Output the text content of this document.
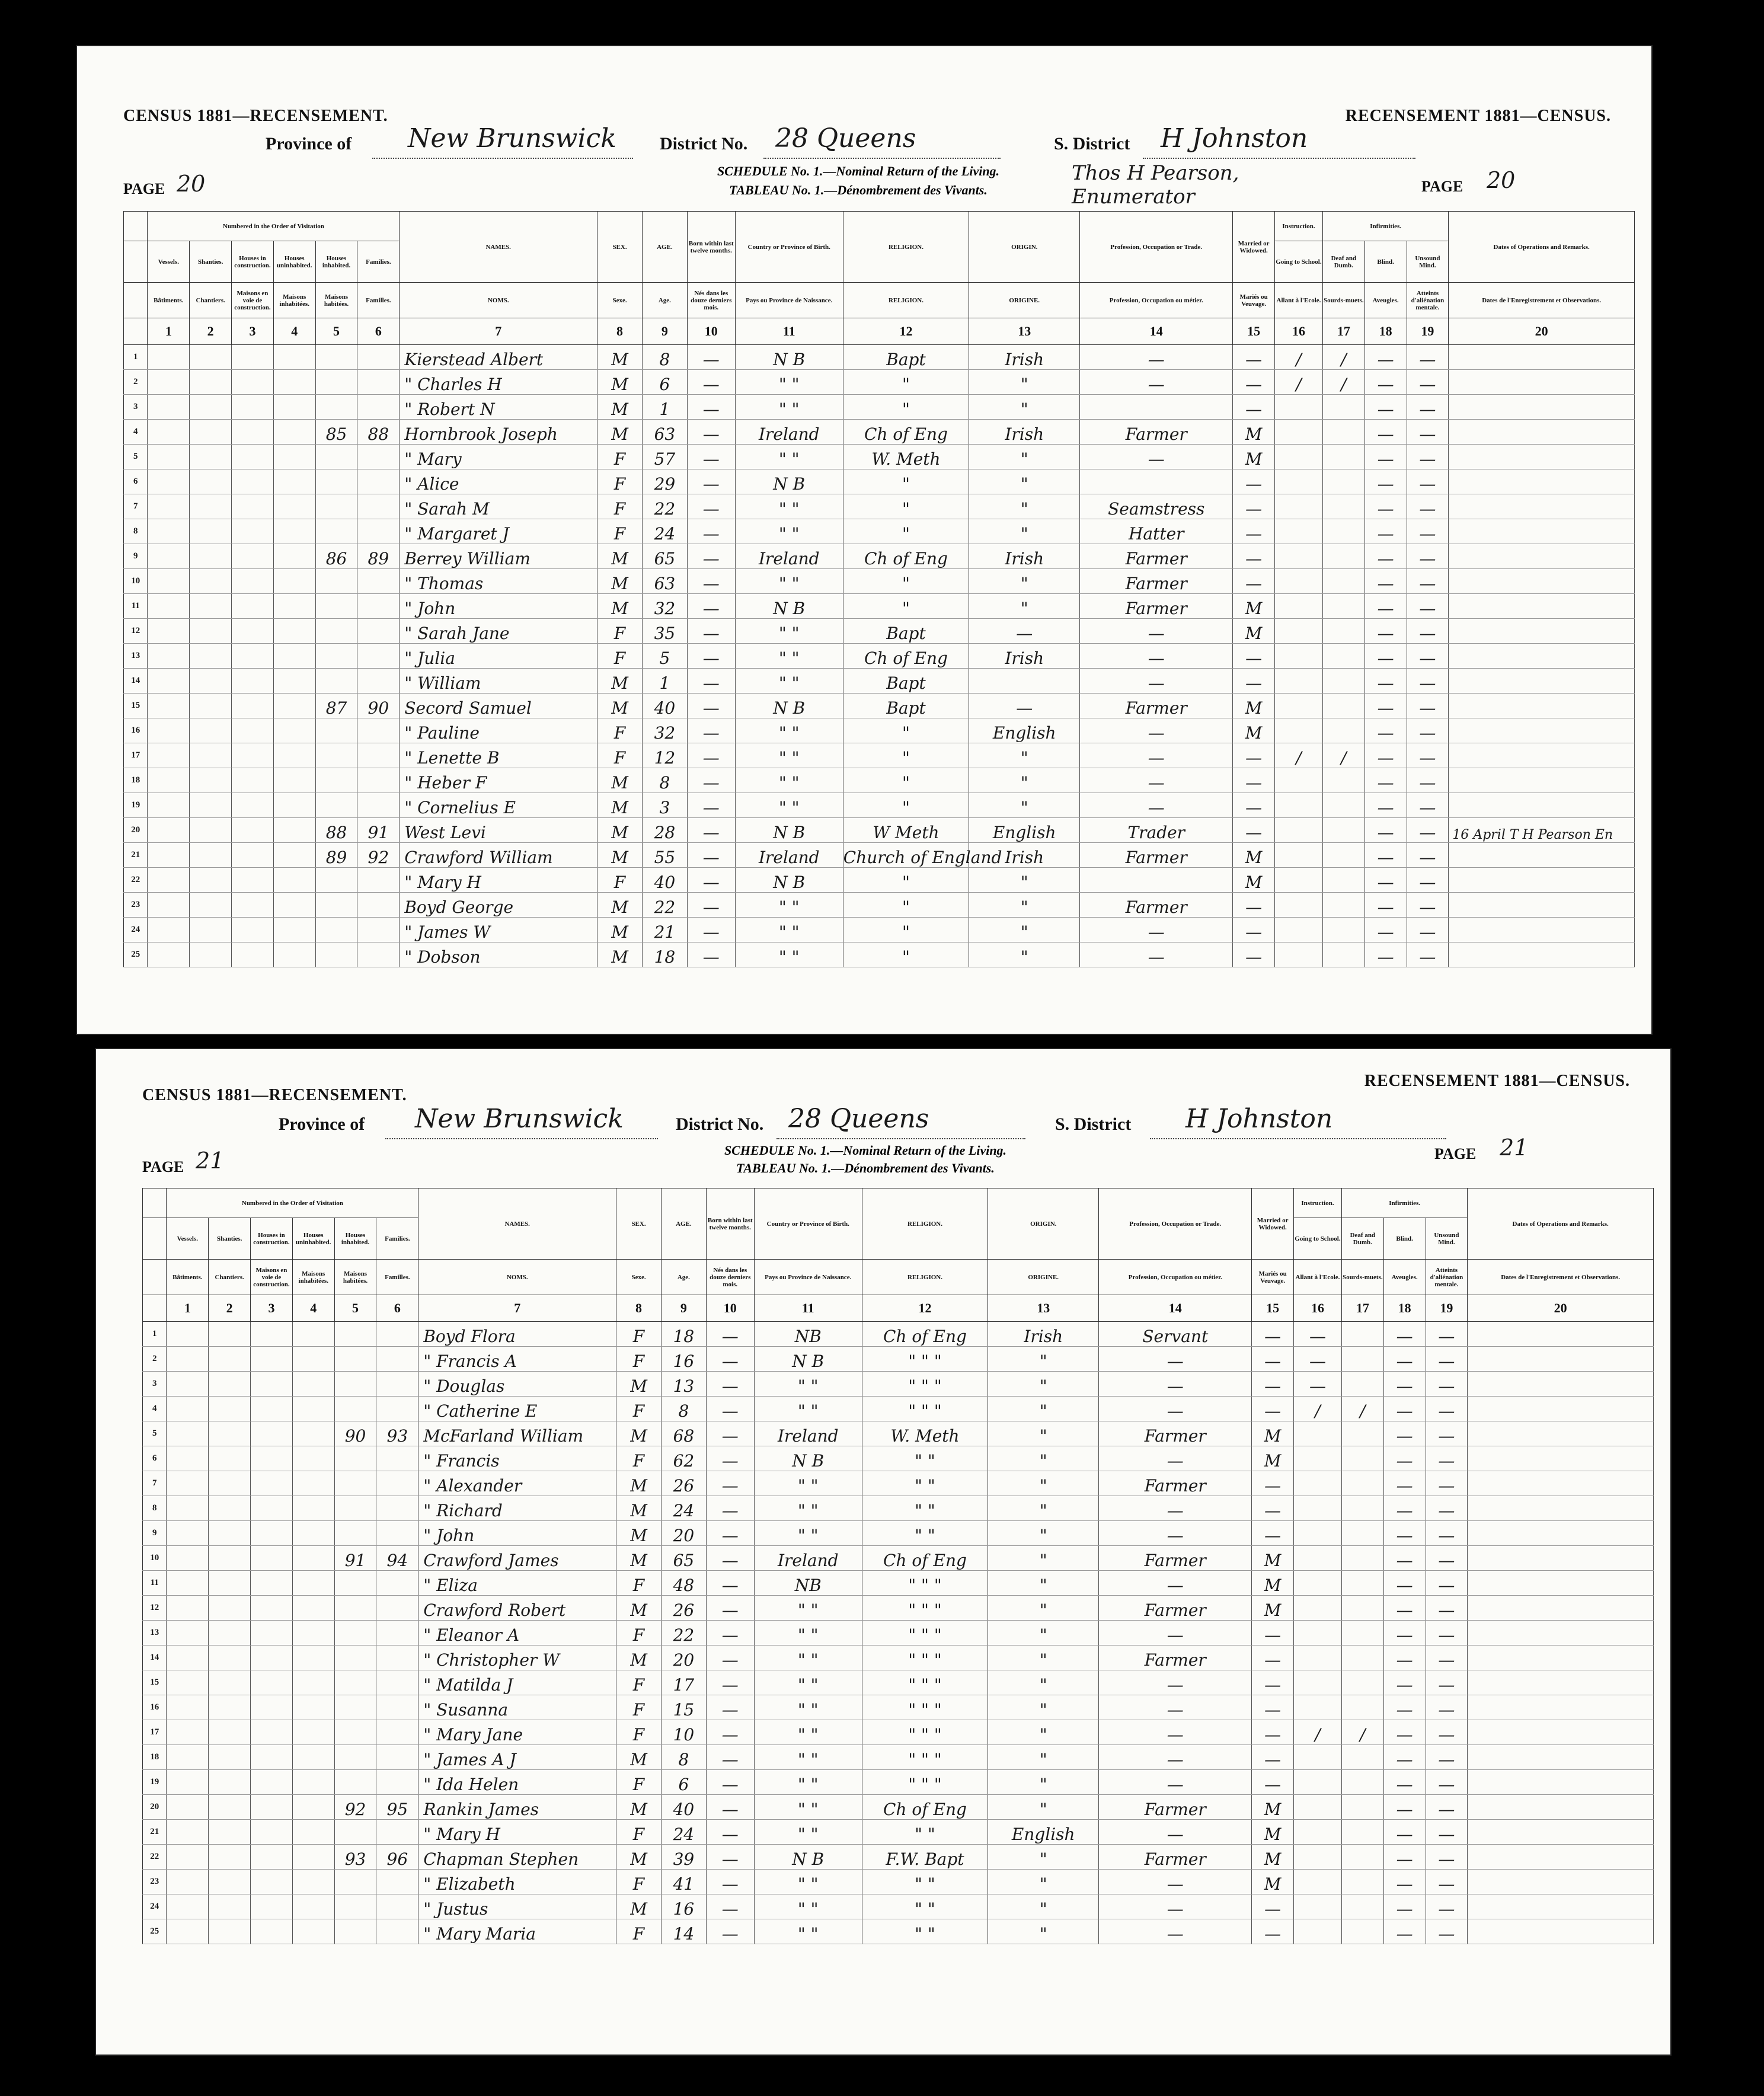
CENSUS 1881—RECENSEMENT.	RECENSEMENT 1881—CENSUS.
Province of New Brunswick District No. 28 Queens	S. District H Johnston
SCHEDULE No. 1.—Nominal Return of the Living.
TABLEAU No. 1.—Dénombrement des Vivants.
Thos H Pearson, Enumerator
PAGE 20	PAGE 20
	Numbered in the Order of Visitation						NAMES.	SEX.	AGE.	Born within last twelve months.	Country or Province of Birth.	RELIGION.	ORIGIN.	Profession, Occupation or Trade.	Married or Widowed.	Instruction.	Infirmities.			Dates of Operations and Remarks.
	Vessels.	Shanties.	Houses in construction.	Houses uninhabited.	Houses inhabited.	Families.										Going to School.	Deaf and Dumb.	Blind.	Unsound Mind.	
	Bâtiments.	Chantiers.	Maisons en voie de construction.	Maisons inhabitées.	Maisons habitées.	Familles.	NOMS.	Sexe.	Age.	Nés dans les douze derniers mois.	Pays ou Province de Naissance.	RELIGION.	ORIGINE.	Profession, Occupation ou métier.	Mariés ou Veuvage.	Allant à l'Ecole.	Sourds-muets.	Aveugles.	Atteints d'aliénation mentale.	Dates de l'Enregistrement et Observations.
	1	2	3	4	5	6	7	8	9	10	11	12	13	14	15	16	17	18	19	20
1							Kierstead Albert	M	8	—	N B	Bapt	Irish	—	—	/	/	—	—	
2							" Charles H	M	6	—	" "	"	"	—	—	/	/	—	—	
3							" Robert N	M	1	—	" "	"	"		—			—	—	
4					85	88	Hornbrook Joseph	M	63	—	Ireland	Ch of Eng	Irish	Farmer	M			—	—	
5							" Mary	F	57	—	" "	W. Meth	"	—	M			—	—	
6							" Alice	F	29	—	N B	"	"		—			—	—	
7							" Sarah M	F	22	—	" "	"	"	Seamstress	—			—	—	
8							" Margaret J	F	24	—	" "	"	"	Hatter	—			—	—	
9					86	89	Berrey William	M	65	—	Ireland	Ch of Eng	Irish	Farmer	—			—	—	
10							" Thomas	M	63	—	" "	"	"	Farmer	—			—	—	
11							" John	M	32	—	N B	"	"	Farmer	M			—	—	
12							" Sarah Jane	F	35	—	" "	Bapt	—	—	M			—	—	
13							" Julia	F	5	—	" "	Ch of Eng	Irish	—	—			—	—	
14							" William	M	1	—	" "	Bapt		—	—			—	—	
15					87	90	Secord Samuel	M	40	—	N B	Bapt	—	Farmer	M			—	—	
16							" Pauline	F	32	—	" "	"	English	—	M			—	—	
17							" Lenette B	F	12	—	" "	"	"	—	—	/	/	—	—	
18							" Heber F	M	8	—	" "	"	"	—	—			—	—	
19							" Cornelius E	M	3	—	" "	"	"	—	—			—	—	
20					88	91	West Levi	M	28	—	N B	W Meth	English	Trader	—			—	—	16 April T H Pearson En
21					89	92	Crawford William	M	55	—	Ireland	Church of England	Irish	Farmer	M			—	—	
22							" Mary H	F	40	—	N B	"	"		M			—	—	
23							Boyd George	M	22	—	" "	"	"	Farmer	—			—	—	
24							" James W	M	21	—	" "	"	"	—	—			—	—	
25							" Dobson	M	18	—	" "	"	"	—	—			—	—	
CENSUS 1881—RECENSEMENT.
RECENSEMENT 1881—CENSUS.
Province of New Brunswick	District No. 28 Queens	S. District H Johnston
SCHEDULE No. 1.—Nominal Return of the Living.
TABLEAU No. 1.—Dénombrement des Vivants.
PAGE 21	PAGE 21
	Numbered in the Order of Visitation						NAMES.	SEX.	AGE.	Born within last twelve months.	Country or Province of Birth.	RELIGION.	ORIGIN.	Profession, Occupation or Trade.	Married or Widowed.	Instruction.	Infirmities.			Dates of Operations and Remarks.
	Vessels.	Shanties.	Houses in construction.	Houses uninhabited.	Houses inhabited.	Families.										Going to School.	Deaf and Dumb.	Blind.	Unsound Mind.	
	Bâtiments.	Chantiers.	Maisons en voie de construction.	Maisons inhabitées.	Maisons habitées.	Familles.	NOMS.	Sexe.	Age.	Nés dans les douze derniers mois.	Pays ou Province de Naissance.	RELIGION.	ORIGINE.	Profession, Occupation ou métier.	Mariés ou Veuvage.	Allant à l'Ecole.	Sourds-muets.	Aveugles.	Atteints d'aliénation mentale.	Dates de l'Enregistrement et Observations.
	1	2	3	4	5	6	7	8	9	10	11	12	13	14	15	16	17	18	19	20
1							Boyd Flora	F	18	—	NB	Ch of Eng	Irish	Servant	—	—		—	—	
2							" Francis A	F	16	—	N B	" " "	"	—	—	—		—	—	
3							" Douglas	M	13	—	" "	" " "	"	—	—	—		—	—	
4							" Catherine E	F	8	—	" "	" " "	"	—	—	/	/	—	—	
5					90	93	McFarland William	M	68	—	Ireland	W. Meth	"	Farmer	M			—	—	
6							" Francis	F	62	—	N B	" "	"	—	M			—	—	
7							" Alexander	M	26	—	" "	" "	"	Farmer	—			—	—	
8							" Richard	M	24	—	" "	" "	"	—	—			—	—	
9							" John	M	20	—	" "	" "	"	—	—			—	—	
10					91	94	Crawford James	M	65	—	Ireland	Ch of Eng	"	Farmer	M			—	—	
11							" Eliza	F	48	—	NB	" " "	"	—	M			—	—	
12							Crawford Robert	M	26	—	" "	" " "	"	Farmer	M			—	—	
13							" Eleanor A	F	22	—	" "	" " "	"	—	—			—	—	
14							" Christopher W	M	20	—	" "	" " "	"	Farmer	—			—	—	
15							" Matilda J	F	17	—	" "	" " "	"	—	—			—	—	
16							" Susanna	F	15	—	" "	" " "	"	—	—			—	—	
17							" Mary Jane	F	10	—	" "	" " "	"	—	—	/	/	—	—	
18							" James A J	M	8	—	" "	" " "	"	—	—			—	—	
19							" Ida Helen	F	6	—	" "	" " "	"	—	—			—	—	
20					92	95	Rankin James	M	40	—	" "	Ch of Eng	"	Farmer	M			—	—	
21							" Mary H	F	24	—	" "	" "	English	—	M			—	—	
22					93	96	Chapman Stephen	M	39	—	N B	F.W. Bapt	"	Farmer	M			—	—	
23							" Elizabeth	F	41	—	" "	" "	"	—	M			—	—	
24							" Justus	M	16	—	" "	" "	"	—	—			—	—	
25							" Mary Maria	F	14	—	" "	" "	"	—	—			—	—	
